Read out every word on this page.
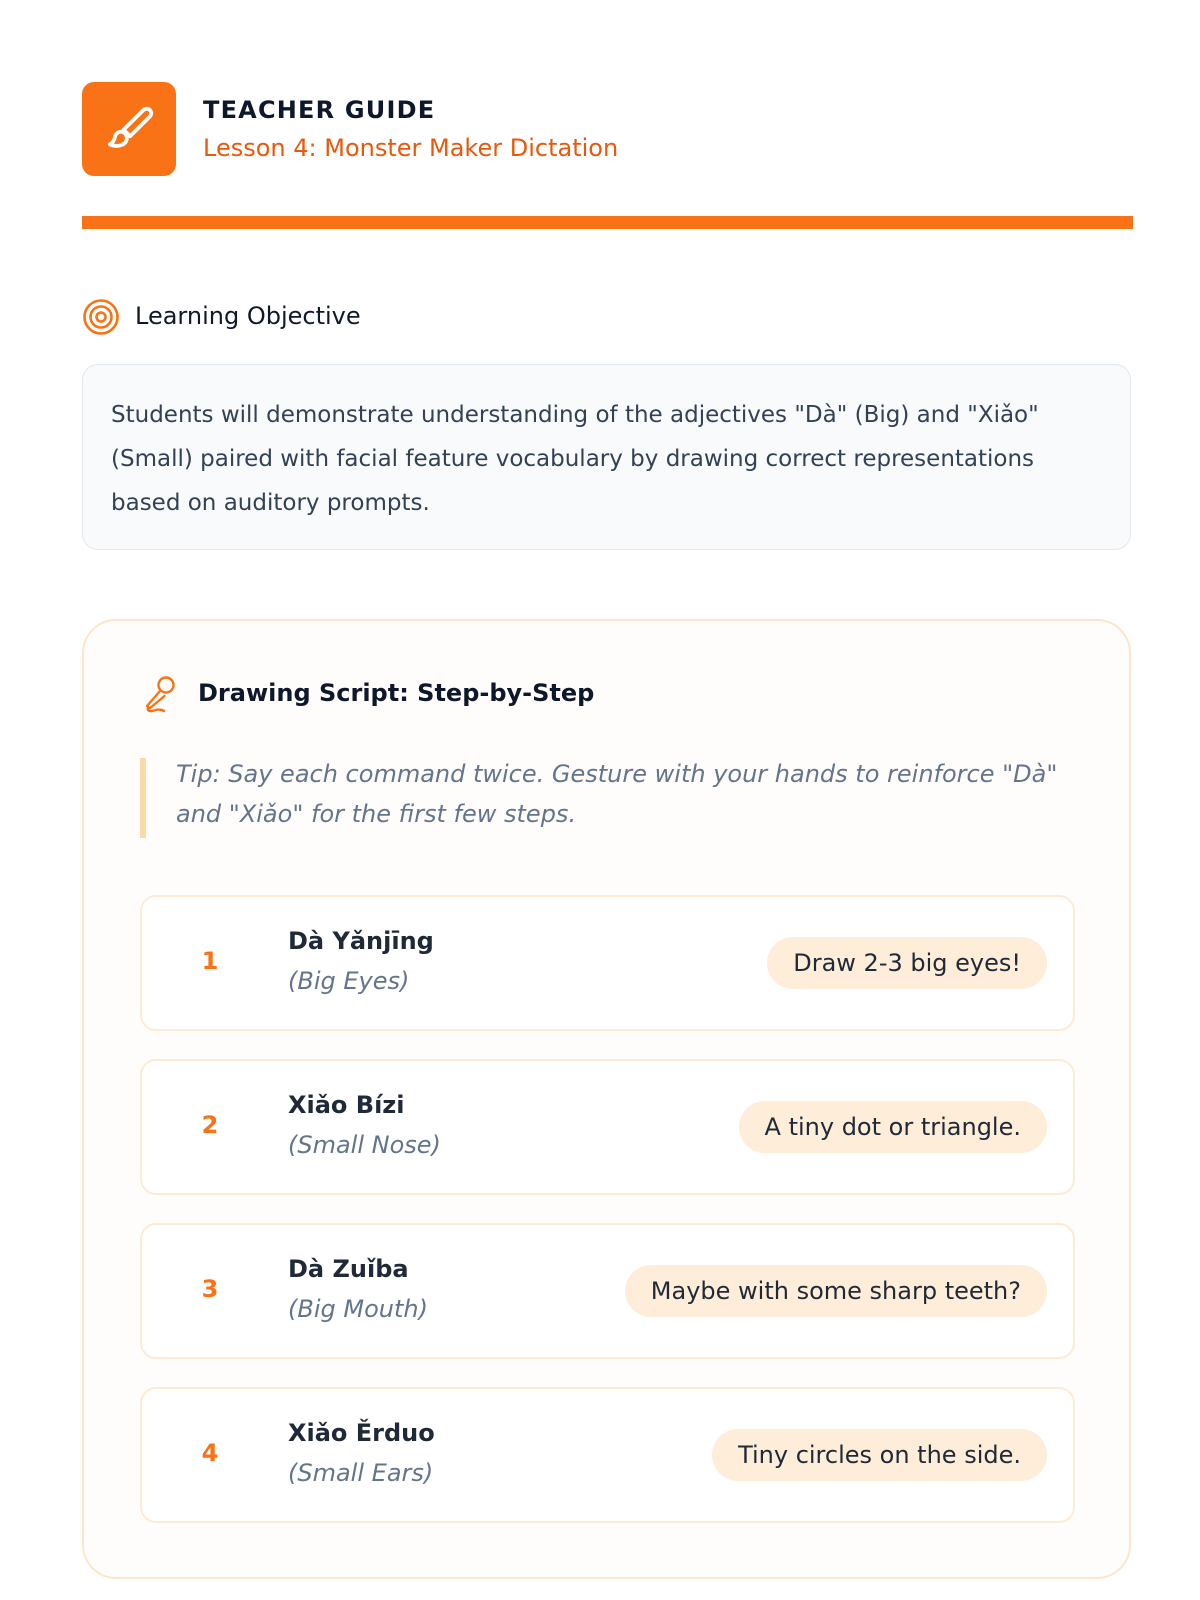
TEACHER GUIDE
Lesson 4: Monster Maker Dictation
Learning Objective
Students will demonstrate understanding of the adjectives "Dà" (Big) and "Xiǎo" (Small) paired with facial feature vocabulary by drawing correct representations based on auditory prompts.
Drawing Script: Step-by-Step
Tip: Say each command twice. Gesture with your hands to reinforce "Dà" and "Xiǎo" for the first few steps.
1
Dà Yǎnjīng
(Big Eyes)
Draw 2-3 big eyes!
2
Xiǎo Bízi
(Small Nose)
A tiny dot or triangle.
3
Dà Zuǐba
(Big Mouth)
Maybe with some sharp teeth?
4
Xiǎo Ěrduo
(Small Ears)
Tiny circles on the side.
